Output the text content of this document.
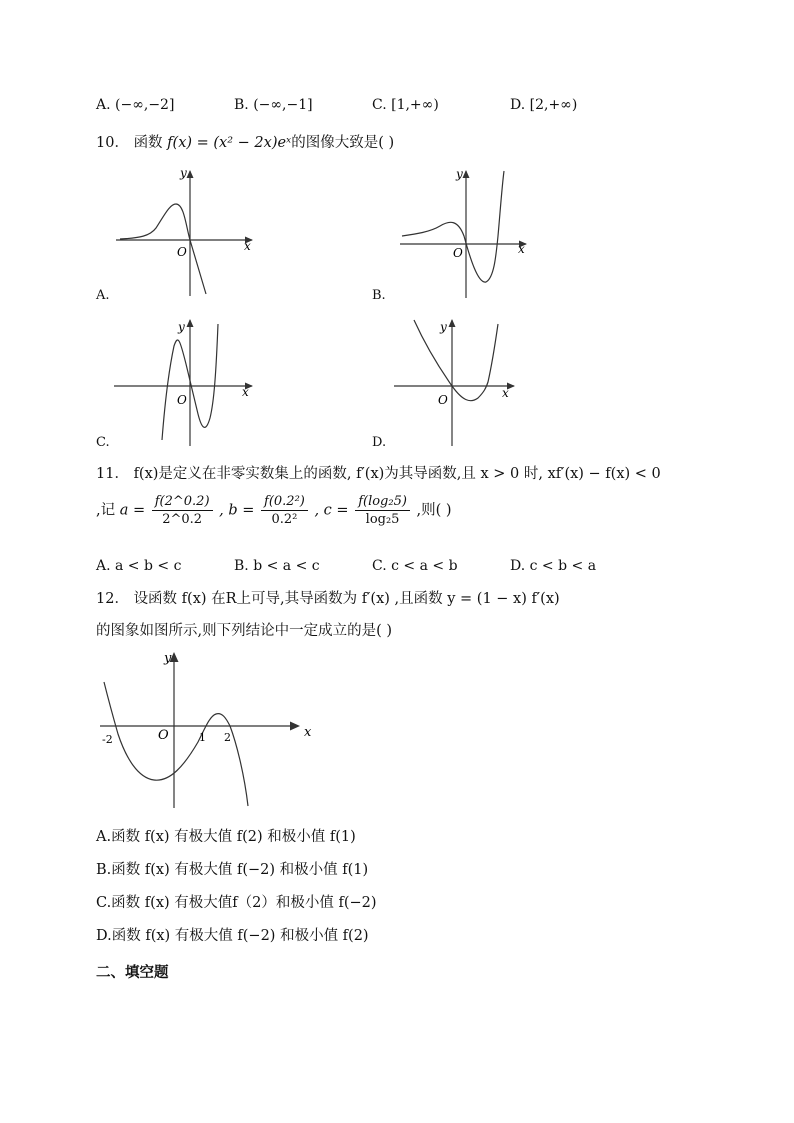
A. (−∞,−2]	B. (−∞,−1]	C. [1,+∞)	D. [2,+∞)
10． 函数 f(x) = (x² − 2x)eˣ的图像大致是( )
y
x
O
A.
y
x
O
B.
y
x
O
C.
y
x
O
D.
11． f(x)是定义在非零实数集上的函数, f′(x)为其导函数,且 x > 0 时, xf′(x) − f(x) < 0
,记 $a = \frac{f(2\^{}0.2)}{2\^{}0.2}$ , $b = \frac{\text{f(0.2²)}}{\text{0.2²}}$ , $c = \frac{\text{f(log₂5)}}{\text{log₂5}}$ ,则( )
A. a < b < c	B. b < a < c	C. c < a < b	D. c < b < a
12． 设函数 f(x) 在R上可导,其导函数为 f′(x) ,且函数 y = (1 − x) f′(x)
的图象如图所示,则下列结论中一定成立的是( )
y
x
O
-2	1 2
A.函数 f(x) 有极大值 f(2) 和极小值 f(1)
B.函数 f(x) 有极大值 f(−2) 和极小值 f(1)
C.函数 f(x) 有极大值f（2）和极小值 f(−2)
D.函数 f(x) 有极大值 f(−2) 和极小值 f(2)
二、填空题
